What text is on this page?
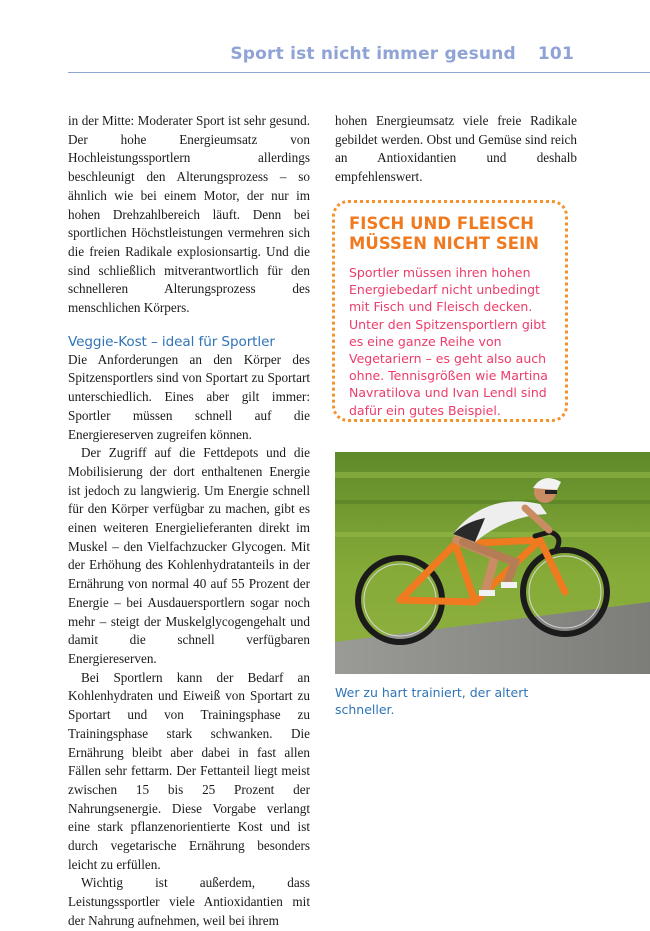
Sport ist nicht immer gesund 101

in der Mitte: Moderater Sport ist sehr gesund. Der hohe Energieumsatz von Hochleistungssportlern allerdings beschleunigt den Alterungsprozess – so ähnlich wie bei einem Motor, der nur im hohen Drehzahlbereich läuft. Denn bei sportlichen Höchstleistungen vermehren sich die freien Radikale explosionsartig. Und die sind schließlich mitverantwortlich für den schnelleren Alterungsprozess des menschlichen Körpers.

Veggie-Kost – ideal für Sportler

Die Anforderungen an den Körper des Spitzensportlers sind von Sportart zu Sportart unterschiedlich. Eines aber gilt immer: Sportler müssen schnell auf die Energiereserven zugreifen können.

Der Zugriff auf die Fettdepots und die Mobilisierung der dort enthaltenen Energie ist jedoch zu langwierig. Um Energie schnell für den Körper verfügbar zu machen, gibt es einen weiteren Energielieferanten direkt im Muskel – den Vielfachzucker Glycogen. Mit der Erhöhung des Kohlenhydratanteils in der Ernährung von normal 40 auf 55 Prozent der Energie – bei Ausdauersportlern sogar noch mehr – steigt der Muskelglycogengehalt und damit die schnell verfügbaren Energiereserven.

Bei Sportlern kann der Bedarf an Kohlenhydraten und Eiweiß von Sportart zu Sportart und von Trainingsphase zu Trainingsphase stark schwanken. Die Ernährung bleibt aber dabei in fast allen Fällen sehr fettarm. Der Fettanteil liegt meist zwischen 15 bis 25 Prozent der Nahrungsenergie. Diese Vorgabe verlangt eine stark pflanzenorientierte Kost und ist durch vegetarische Ernährung besonders leicht zu erfüllen.

Wichtig ist außerdem, dass Leistungssportler viele Antioxidantien mit der Nahrung aufnehmen, weil bei ihrem

hohen Energieumsatz viele freie Radikale gebildet werden. Obst und Gemüse sind reich an Antioxidantien und deshalb empfehlenswert.

FISCH UND FLEISCH
MÜSSEN NICHT SEIN

Sportler müssen ihren hohen Energiebedarf nicht unbedingt mit Fisch und Fleisch decken. Unter den Spitzensportlern gibt es eine ganze Reihe von Vegetariern – es geht also auch ohne. Tennisgrößen wie Martina Navratilova und Ivan Lendl sind dafür ein gutes Beispiel.

Wer zu hart trainiert, der altert schneller.
